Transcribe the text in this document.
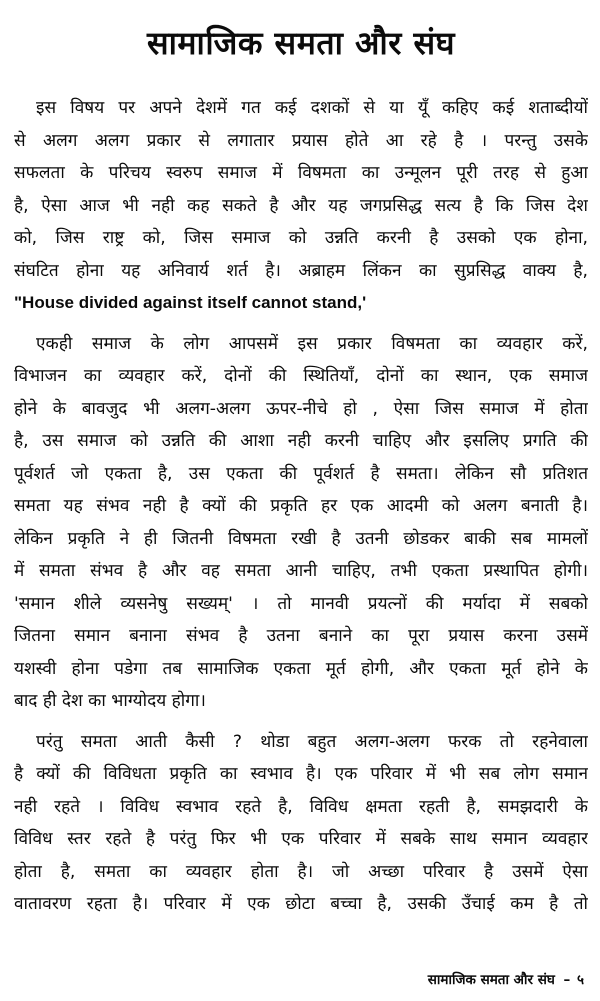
सामाजिक समता और संघ
इस विषय पर अपने देशमें गत कई दशकों से या यूँ कहिए कई शताब्दीयों
से अलग अलग प्रकार से लगातार प्रयास होते आ रहे है । परन्तु उसके
सफलता के परिचय स्वरुप समाज में विषमता का उन्मूलन पूरी तरह से हुआ
है, ऐसा आज भी नही कह सकते है और यह जगप्रसिद्ध सत्य है कि जिस देश
को, जिस राष्ट्र को, जिस समाज को उन्नति करनी है उसको एक होना,
संघटित होना यह अनिवार्य शर्त है। अब्राहम लिंकन का सुप्रसिद्ध वाक्य है,
"House divided against itself cannot stand,'
एकही समाज के लोग आपसमें इस प्रकार विषमता का व्यवहार करें,
विभाजन का व्यवहार करें, दोनों की स्थितियाँ, दोनों का स्थान, एक समाज
होने के बावजुद भी अलग-अलग ऊपर-नीचे हो , ऐसा जिस समाज में होता
है, उस समाज को उन्नति की आशा नही करनी चाहिए और इसलिए प्रगति की
पूर्वशर्त जो एकता है, उस एकता की पूर्वशर्त है समता। लेकिन सौ प्रतिशत
समता यह संभव नही है क्यों की प्रकृति हर एक आदमी को अलग बनाती है।
लेकिन प्रकृति ने ही जितनी विषमता रखी है उतनी छोडकर बाकी सब मामलों
में समता संभव है और वह समता आनी चाहिए, तभी एकता प्रस्थापित होगी।
'समान शीले व्यसनेषु सख्यम्' । तो मानवी प्रयत्नों की मर्यादा में सबको
जितना समान बनाना संभव है उतना बनाने का पूरा प्रयास करना उसमें
यशस्वी होना पडेगा तब सामाजिक एकता मूर्त होगी, और एकता मूर्त होने के
बाद ही देश का भाग्योदय होगा।
परंतु समता आती कैसी ? थोडा बहुत अलग-अलग फरक तो रहनेवाला
है क्यों की विविधता प्रकृति का स्वभाव है। एक परिवार में भी सब लोग समान
नही रहते । विविध स्वभाव रहते है, विविध क्षमता रहती है, समझदारी के
विविध स्तर रहते है परंतु फिर भी एक परिवार में सबके साथ समान व्यवहार
होता है, समता का व्यवहार होता है। जो अच्छा परिवार है उसमें ऐसा
वातावरण रहता है। परिवार में एक छोटा बच्चा है, उसकी उँचाई कम है तो
सामाजिक समता और संघ – ५
